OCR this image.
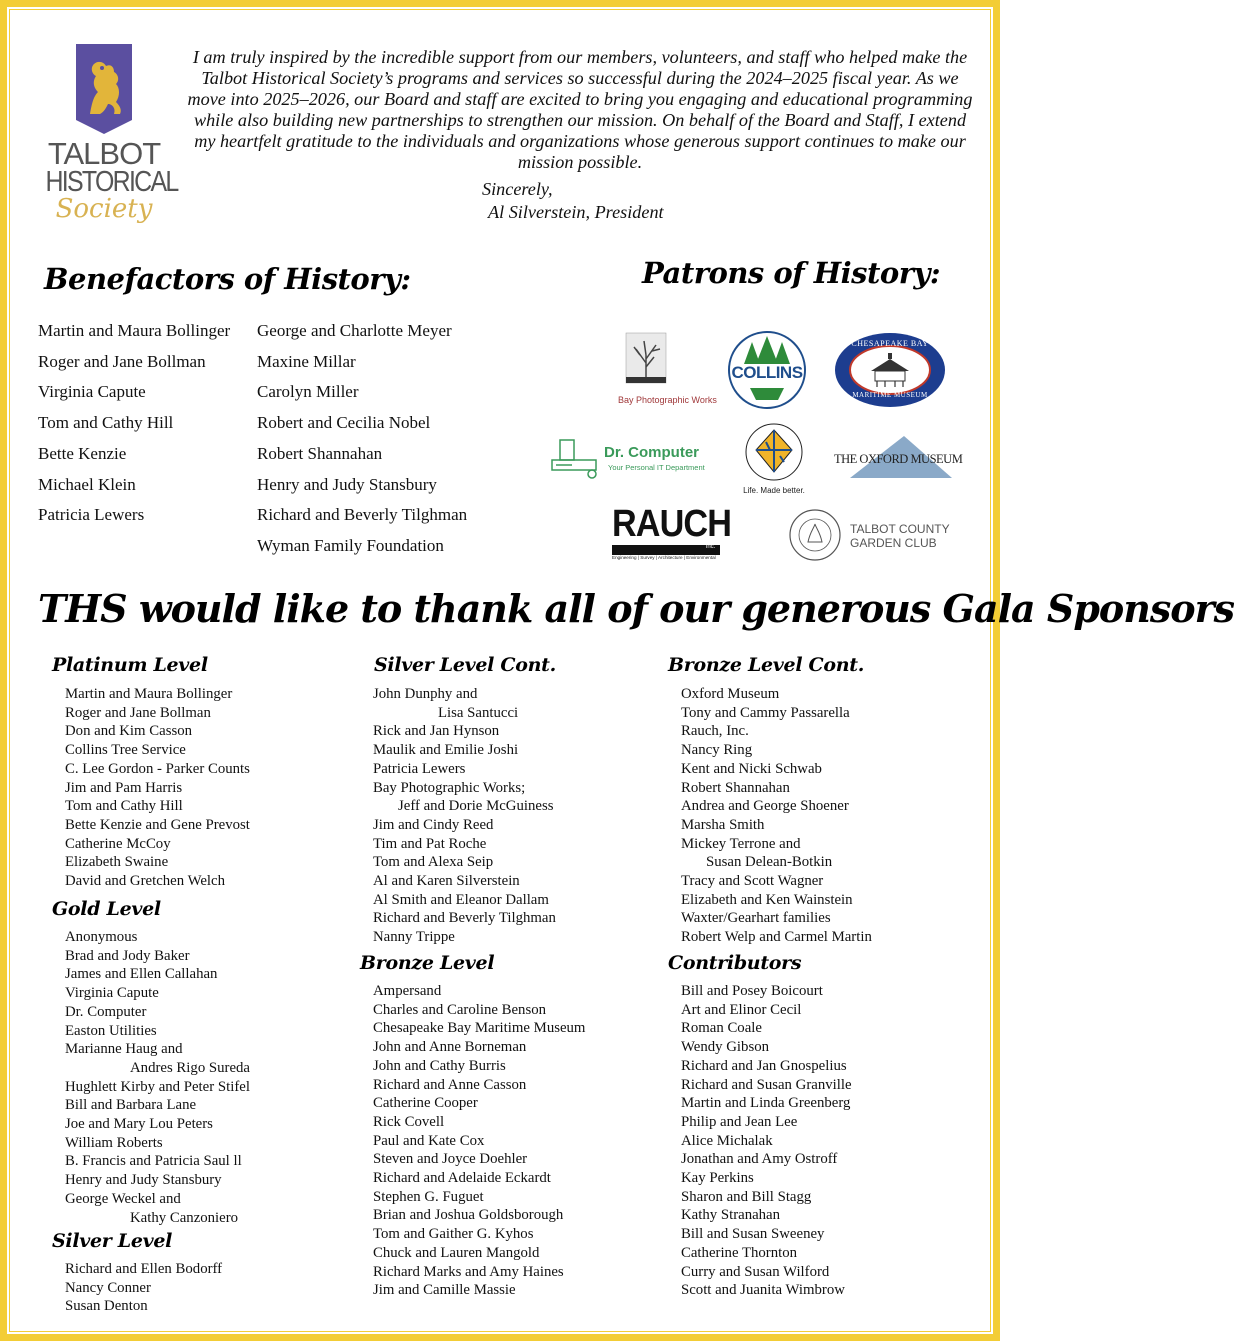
TALBOT
HISTORICAL
Society
I am truly inspired by the incredible support from our members, volunteers, and staff who helped make the Talbot Historical Society’s programs and services so successful during the 2024–2025 fiscal year. As we move into 2025–2026, our Board and staff are excited to bring you engaging and educational programming while also building new partnerships to strengthen our mission. On behalf of the Board and Staff, I extend my heartfelt gratitude to the individuals and organizations whose generous support continues to make our mission possible.
Sincerely,
Al Silverstein, President
Benefactors of History:
Martin and Maura Bollinger
Roger and Jane Bollman
Virginia Capute
Tom and Cathy Hill
Bette Kenzie
Michael Klein
Patricia Lewers
George and Charlotte Meyer
Maxine Millar
Carolyn Miller
Robert and Cecilia Nobel
Robert Shannahan
Henry and Judy Stansbury
Richard and Beverly Tilghman
Wyman Family Foundation
Patrons of History:
Bay Photographic Works
COLLINS
TREE EXPERTS
CHESAPEAKE BAY
MARITIME MUSEUM
Dr. Computer
Your Personal IT Department
Life. Made better.
THE OXFORD MUSEUM
RAUCH
inc.
Engineering | Survey | Architecture | Environmental
TALBOT COUNTY
GARDEN CLUB
THS would like to thank all of our generous Gala Sponsors
Platinum Level
Martin and Maura Bollinger
Roger and Jane Bollman
Don and Kim Casson
Collins Tree Service
C. Lee Gordon - Parker Counts
Jim and Pam Harris
Tom and Cathy Hill
Bette Kenzie and Gene Prevost
Catherine McCoy
Elizabeth Swaine
David and Gretchen Welch
Gold Level
Anonymous
Brad and Jody Baker
James and Ellen Callahan
Virginia Capute
Dr. Computer
Easton Utilities
Marianne Haug and
Andres Rigo Sureda
Hughlett Kirby and Peter Stifel
Bill and Barbara Lane
Joe and Mary Lou Peters
William Roberts
B. Francis and Patricia Saul ll
Henry and Judy Stansbury
George Weckel and
Kathy Canzoniero
Silver Level
Richard and Ellen Bodorff
Nancy Conner
Susan Denton
Silver Level Cont.
John Dunphy and
Lisa Santucci
Rick and Jan Hynson
Maulik and Emilie Joshi
Patricia Lewers
Bay Photographic Works;
Jeff and Dorie McGuiness
Jim and Cindy Reed
Tim and Pat Roche
Tom and Alexa Seip
Al and Karen Silverstein
Al Smith and Eleanor Dallam
Richard and Beverly Tilghman
Nanny Trippe
Bronze Level
Ampersand
Charles and Caroline Benson
Chesapeake Bay Maritime Museum
John and Anne Borneman
John and Cathy Burris
Richard and Anne Casson
Catherine Cooper
Rick Covell
Paul and Kate Cox
Steven and Joyce Doehler
Richard and Adelaide Eckardt
Stephen G. Fuguet
Brian and Joshua Goldsborough
Tom and Gaither G. Kyhos
Chuck and Lauren Mangold
Richard Marks and Amy Haines
Jim and Camille Massie
Bronze Level Cont.
Oxford Museum
Tony and Cammy Passarella
Rauch, Inc.
Nancy Ring
Kent and Nicki Schwab
Robert Shannahan
Andrea and George Shoener
Marsha Smith
Mickey Terrone and
Susan Delean-Botkin
Tracy and Scott Wagner
Elizabeth and Ken Wainstein
Waxter/Gearhart families
Robert Welp and Carmel Martin
Contributors
Bill and Posey Boicourt
Art and Elinor Cecil
Roman Coale
Wendy Gibson
Richard and Jan Gnospelius
Richard and Susan Granville
Martin and Linda Greenberg
Philip and Jean Lee
Alice Michalak
Jonathan and Amy Ostroff
Kay Perkins
Sharon and Bill Stagg
Kathy Stranahan
Bill and Susan Sweeney
Catherine Thornton
Curry and Susan Wilford
Scott and Juanita Wimbrow
